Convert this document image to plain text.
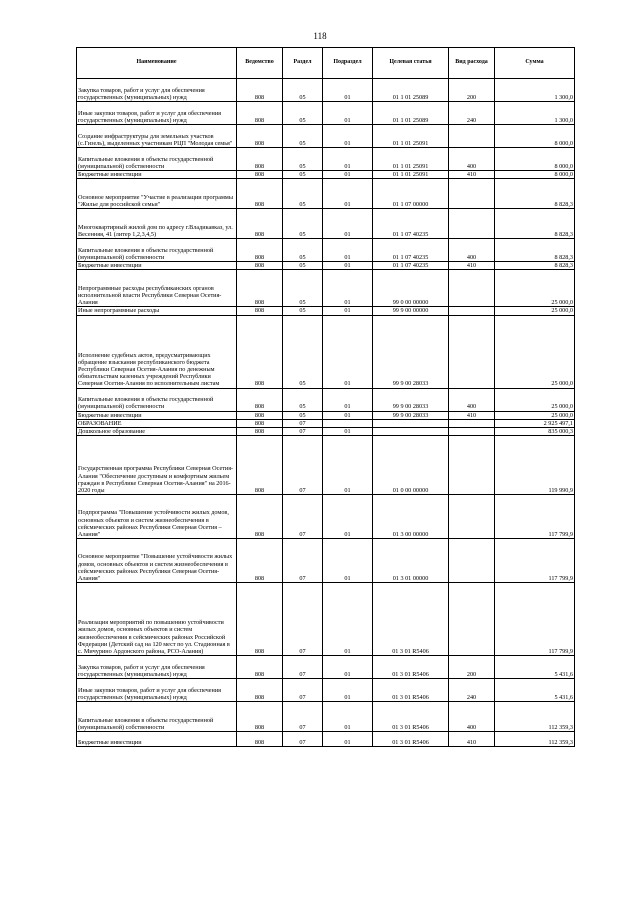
118
Наименование	Ведомство	Раздел	Подраздел	Целевая статья	Вид расхода	Сумма
Закупка товаров, работ и услуг для обеспечения государственных (муниципальных) нужд	808	05	01	01 1 01 25089	200	1 300,0
Иные закупки товаров, работ и услуг для обеспечения государственных (муниципальных) нужд	808	05	01	01 1 01 25089	240	1 300,0
Создание инфраструктуры для земельных участков (с.Гизель), выделенных участникам РЦП "Молодая семья"	808	05	01	01 1 01 25091		8 000,0
Капитальные вложения в объекты государственной (муниципальной) собственности	808	05	01	01 1 01 25091	400	8 000,0
Бюджетные инвестиции	808	05	01	01 1 01 25091	410	8 000,0
Основное мероприятие "Участие в реализации программы "Жилье для российской семьи"	808	05	01	01 1 07 00000		8 828,3
Многоквартирный жилой дом по адресу г.Владикавказ, ул. Весенняя, 41 (литер 1,2,3,4,5)	808	05	01	01 1 07 40235		8 828,3
Капитальные вложения в объекты государственной (муниципальной) собственности	808	05	01	01 1 07 40235	400	8 828,3
Бюджетные инвестиции	808	05	01	01 1 07 40235	410	8 828,3
Непрограммные расходы республиканских органов исполнительной власти Республики Северная Осетия-Алания	808	05	01	99 0 00 00000		25 000,0
Иные непрограммные расходы	808	05	01	99 9 00 00000		25 000,0
Исполнение судебных актов, предусматривающих обращение взыскания республиканского бюджета Республики Северная Осетия-Алания по денежным обязательствам казенных учреждений Республики Северная Осетия-Алания по исполнительным листам	808	05	01	99 9 00 28033		25 000,0
Капитальные вложения в объекты государственной (муниципальной) собственности	808	05	01	99 9 00 28033	400	25 000,0
Бюджетные инвестиции	808	05	01	99 9 00 28033	410	25 000,0
ОБРАЗОВАНИЕ	808	07				2 925 497,1
Дошкольное образование	808	07	01			835 000,3
Государственная программа Республики Северная Осетия-Алания "Обеспечение доступным и комфортным жильем граждан в Республике Северная Осетия-Алания" на 2016-2020 годы	808	07	01	01 0 00 00000		119 990,9
Подпрограмма "Повышение устойчивости жилых домов, основных объектов и систем жизнеобеспечения в сейсмических районах Республики Северная Осетия – Алания"	808	07	01	01 3 00 00000		117 799,9
Основное мероприятие "Повышение устойчивости жилых домов, основных объектов и систем жизнеобеспечения в сейсмических районах Республики Северная Осетия-Алания"	808	07	01	01 3 01 00000		117 799,9
Реализация мероприятий по повышению устойчивости жилых домов, основных объектов и систем жизнеобеспечения в сейсмических районах Российской Федерации (Детский сад на 120 мест по ул. Стадионная в с. Мичурино Ардонского района, РСО-Алания)	808	07	01	01 3 01 R5406		117 799,9
Закупка товаров, работ и услуг для обеспечения государственных (муниципальных) нужд	808	07	01	01 3 01 R5406	200	5 431,6
Иные закупки товаров, работ и услуг для обеспечения государственных (муниципальных) нужд	808	07	01	01 3 01 R5406	240	5 431,6
Капитальные вложения в объекты государственной (муниципальной) собственности	808	07	01	01 3 01 R5406	400	112 359,3
Бюджетные инвестиции	808	07	01	01 3 01 R5406	410	112 359,3
